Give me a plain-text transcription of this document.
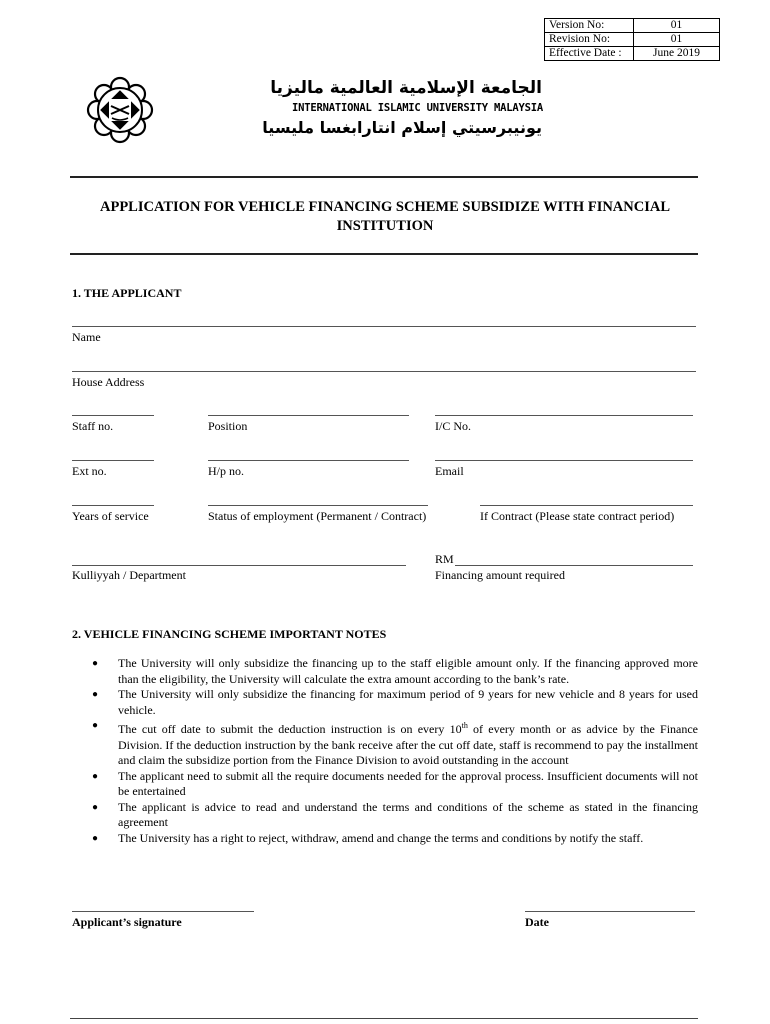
Version No:	01
Revision No:	01
Effective Date :	June 2019
الجامعة الإسلامية العالمية ماليزيا
INTERNATIONAL ISLAMIC UNIVERSITY MALAYSIA
يونيبرسيتي إسلام انتارابغسا مليسيا
APPLICATION FOR VEHICLE FINANCING SCHEME SUBSIDIZE WITH FINANCIAL INSTITUTION
1. THE APPLICANT
Name
House Address
Staff no.	Position	I/C No.
Ext no.	H/p no.	Email
Years of service	Status of employment (Permanent / Contract)	If Contract (Please state contract period)
RM
Kulliyyah / Department	Financing amount required
2. VEHICLE FINANCING SCHEME IMPORTANT NOTES
● The University will only subsidize the financing up to the staff eligible amount only. If the financing approved more than the eligibility, the University will calculate the extra amount according to the bank’s rate.
● The University will only subsidize the financing for maximum period of 9 years for new vehicle and 8 years for used vehicle.
● The cut off date to submit the deduction instruction is on every 10th of every month or as advice by the Finance Division. If the deduction instruction by the bank receive after the cut off date, staff is recommend to pay the installment and claim the subsidize portion from the Finance Division to avoid outstanding in the account
● The applicant need to submit all the require documents needed for the approval process. Insufficient documents will not be entertained
● The applicant is advice to read and understand the terms and conditions of the scheme as stated in the financing agreement
● The University has a right to reject, withdraw, amend and change the terms and conditions by notify the staff.
Applicant’s signature	Date
